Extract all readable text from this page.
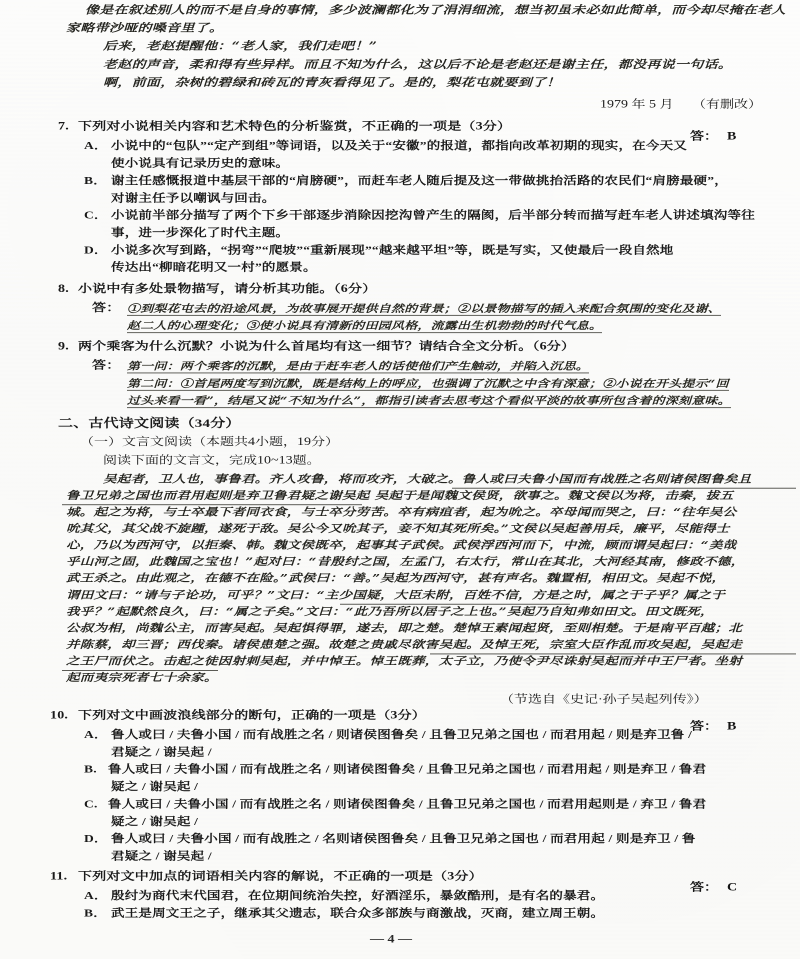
像是在叙述别人的而不是自身的事情，多少波澜都化为了涓涓细流，想当初虽未必如此简单，而今却尽掩在老人
家略带沙哑的嗓音里了。
后来，老赵提醒他：“老人家，我们走吧！”
老赵的声音，柔和得有些异样。而且不知为什么，这以后不论是老赵还是谢主任，都没再说一句话。
啊，前面，杂树的碧绿和砖瓦的青灰看得见了。是的，梨花屯就要到了！
1979 年 5 月 （有删改）
7. 下列对小说相关内容和艺术特色的分析鉴赏，不正确的一项是（3分）
答： B
A． 小说中的“包队”“定产到组”等词语，以及关于“安徽”的报道，都指向改革初期的现实，在今天又
使小说具有记录历史的意味。
B． 谢主任感慨报道中基层干部的“肩膀硬”，而赶车老人随后提及这一带做挑抬活路的农民们“肩膀最硬”，
对谢主任予以嘲讽与回击。
C． 小说前半部分描写了两个下乡干部逐步消除因挖沟曾产生的隔阂，后半部分转而描写赶车老人讲述填沟等往
事，进一步深化了时代主题。
D． 小说多次写到路，“拐弯”“爬坡”“重新展现”“越来越平坦”等，既是写实，又使最后一段自然地
传达出“柳暗花明又一村”的愿景。
8. 小说中有多处景物描写，请分析其功能。（6分）
答： ①到梨花屯去的沿途风景，为故事展开提供自然的背景；②以景物描写的插入来配合氛围的变化及谢、
赵二人的心理变化；③使小说具有清新的田园风格，流露出生机勃勃的时代气息。
9. 两个乘客为什么沉默？小说为什么首尾均有这一细节？请结合全文分析。（6分）
答： 第一问：两个乘客的沉默，是由于赶车老人的话使他们产生触动，并陷入沉思。
第二问：①首尾两度写到沉默，既是结构上的呼应，也强调了沉默之中含有深意；②小说在开头提示“回
过头来看一看”，结尾又说“不知为什么”，都指引读者去思考这个看似平淡的故事所包含着的深刻意味。
二、古代诗文阅读（34分）
（一）文言文阅读（本题共4小题，19分）
阅读下面的文言文，完成10~13题。
吴起者，卫人也，事鲁君。齐人攻鲁，将而攻齐，大破之。鲁人或曰夫鲁小国而有战胜之名则诸侯图鲁矣且
鲁卫兄弟之国也而君用起则是弃卫鲁君疑之谢吴起 吴起于是闻魏文侯贤，欲事之。魏文侯以为将，击秦，拔五
城。起之为将，与士卒最下者同衣食，与士卒分劳苦。卒有病疽者，起为吮之。卒母闻而哭之，曰：“往年吴公
吮其父，其父战不旋踵，遂死于敌。吴公今又吮其子，妾不知其死所矣。”文侯以吴起善用兵，廉平，尽能得士
心，乃以为西河守，以拒秦、韩。魏文侯既卒，起事其子武侯。武侯浮西河而下，中流，顾而谓吴起曰：“美哉
乎山河之固，此魏国之宝也！”起对曰：“昔殷纣之国，左孟门，右太行，常山在其北，大河经其南，修政不德，
武王杀之。由此观之，在德不在险。”武侯曰：“善。”吴起为西河守，甚有声名。魏置相，相田文。吴起不悦，
谓田文曰：“请与子论功，可乎？”文曰：“主少国疑，大臣未附，百姓不信，方是之时，属之于子乎？属之于
我乎？”起默然良久，曰：“属之子矣。”文曰：“此乃吾所以居子之上也。”吴起乃自知弗如田文。田文既死，
公叔为相，尚魏公主，而害吴起。吴起惧得罪，遂去，即之楚。楚悼王素闻起贤，至则相楚。于是南平百越；北
并陈蔡，却三晋；西伐秦。诸侯患楚之强。故楚之贵戚尽欲害吴起。及悼王死，宗室大臣作乱而攻吴起，吴起走
之王尸而伏之。击起之徒因射刺吴起，并中悼王。悼王既葬，太子立，乃使令尹尽诛射吴起而并中王尸者。坐射
起而夷宗死者七十余家。
（节选自《史记·孙子吴起列传》）
10. 下列对文中画波浪线部分的断句，正确的一项是（3分）
答： B
A． 鲁人或曰 / 夫鲁小国 / 而有战胜之名 / 则诸侯图鲁矣 / 且鲁卫兄弟之国也 / 而君用起 / 则是弃卫鲁 /
君疑之 / 谢吴起 /
B. 鲁人或曰 / 夫鲁小国 / 而有战胜之名 / 则诸侯图鲁矣 / 且鲁卫兄弟之国也 / 而君用起 / 则是弃卫 / 鲁君
疑之 / 谢吴起 /
C. 鲁人或曰 / 夫鲁小国 / 而有战胜之名 / 则诸侯图鲁矣 / 且鲁卫兄弟之国也 / 而君用起则是 / 弃卫 / 鲁君
疑之 / 谢吴起 /
D． 鲁人或曰 / 夫鲁小国 / 而有战胜之 / 名则诸侯图鲁矣 / 且鲁卫兄弟之国也 / 而君用起 / 则是弃卫 / 鲁
君疑之 / 谢吴起 /
11. 下列对文中加点的词语相关内容的解说，不正确的一项是（3分）
答： C
A． 殷纣为商代末代国君，在位期间统治失控，好酒淫乐，暴敛酷刑，是有名的暴君。
B． 武王是周文王之子，继承其父遗志，联合众多部族与商激战，灭商，建立周王朝。
— 4 —
